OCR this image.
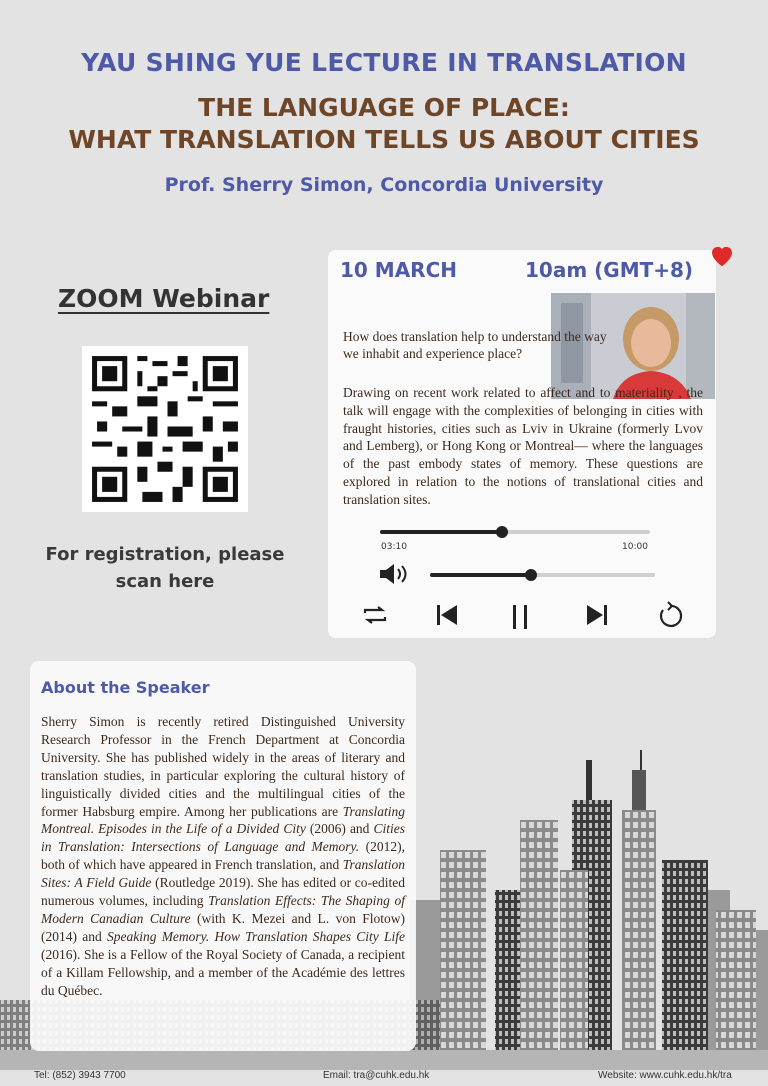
YAU SHING YUE LECTURE IN TRANSLATION
THE LANGUAGE OF PLACE:
WHAT TRANSLATION TELLS US ABOUT CITIES
Prof. Sherry Simon, Concordia University
ZOOM Webinar
For registration, please
scan here
10 MARCH	10am (GMT+8)
How does translation help to understand the way we inhabit and experience place?
Drawing on recent work related to affect and to materiality , the talk will engage with the complexities of belonging in cities with fraught histories, cities such as Lviv in Ukraine (formerly Lvov and Lemberg), or Hong Kong or Montreal— where the languages of the past embody states of memory. These questions are explored in relation to the notions of translational cities and translation sites.
03:10	10:00
About the Speaker
Sherry Simon is recently retired Distinguished University Research Professor in the French Department at Concordia University. She has published widely in the areas of literary and translation studies, in particular exploring the cultural history of linguistically divided cities and the multilingual cities of the former Habsburg empire. Among her publications are Translating Montreal. Episodes in the Life of a Divided City (2006) and Cities in Translation: Intersections of Language and Memory. (2012), both of which have appeared in French translation, and Translation Sites: A Field Guide (Routledge 2019). She has edited or co-edited numerous volumes, including Translation Effects: The Shaping of Modern Canadian Culture (with K. Mezei and L. von Flotow) (2014) and Speaking Memory. How Translation Shapes City Life (2016). She is a Fellow of the Royal Society of Canada, a recipient of a Killam Fellowship, and a member of the Académie des lettres du Québec.
Tel: (852) 3943 7700	Email: tra@cuhk.edu.hk	Website: www.cuhk.edu.hk/tra
